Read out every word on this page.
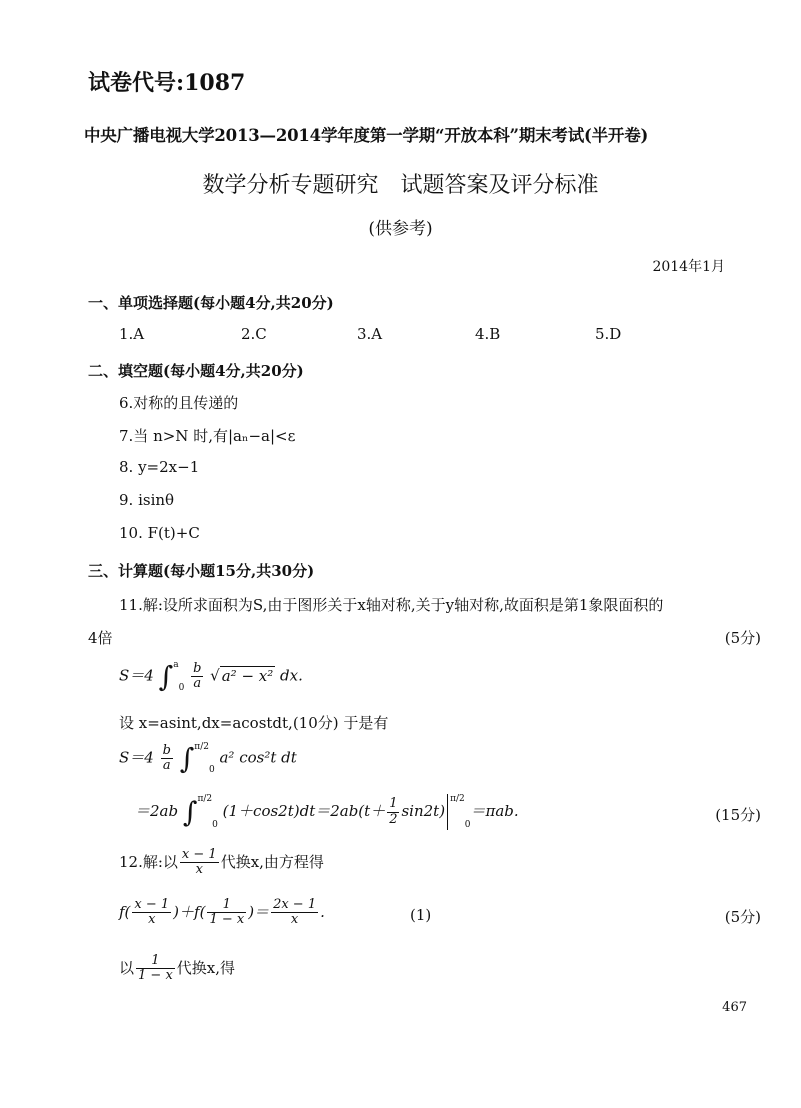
试卷代号:1087
中央广播电视大学2013—2014学年度第一学期“开放本科”期末考试(半开卷)
数学分析专题研究　试题答案及评分标准
(供参考)
2014年1月
一、单项选择题(每小题4分,共20分)
1.A	2.C	3.A	4.B	5.D
二、填空题(每小题4分,共20分)
6.对称的且传递的
7.当 n>N 时,有|aₙ−a|<ε
8. y=2x−1
9. isinθ
10. F(t)+C
三、计算题(每小题15分,共30分)
11.解:设所求面积为S,由于图形关于x轴对称,关于y轴对称,故面积是第1象限面积的
4倍	(5分)
S＝4 $\int^a0 \frac{b}{a}$ √ a² − x² dx.
设 x=asint,dx=acostdt,(10分) 于是有
$S=4 \frac{b}{a} \int^{\pi/2}0$ a² cos²t dt
＝2ab ∫$^{\pi/2}$0 $(1+\cos 2t)dt=2ab(t+ \frac{1}{2} \sin 2t)^{\pi/2}0=\pi ab$.	(15分)
12.解:以 $\frac{x - 1}{x}$ 代换x,由方程得
$f( \frac{x - 1}{x} )+f( \frac{1}{1 - x}$ )＝ $\frac{2x - 1}{x}$ .	(1)	(5分)
以 $\frac{1}{1 - x}$ 代换x,得
467
